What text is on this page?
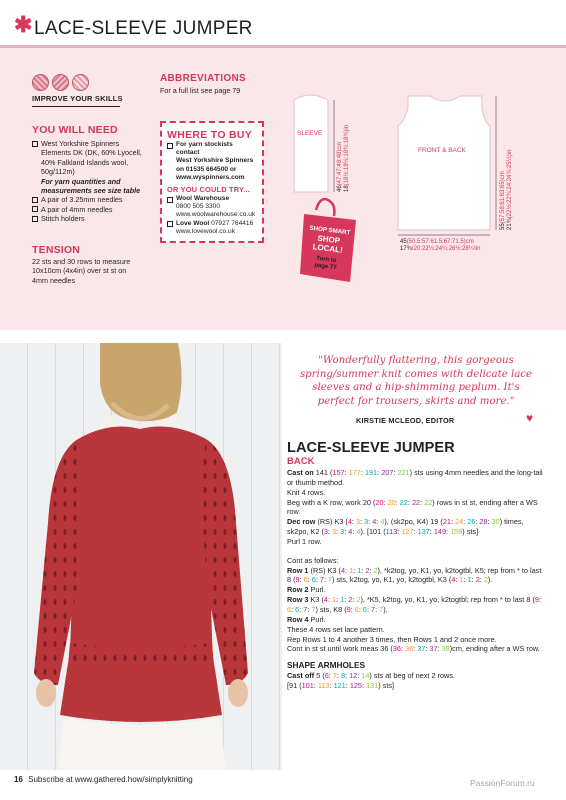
✱ LACE-SLEEVE JUMPER
IMPROVE YOUR SKILLS
YOU WILL NEED
West Yorkshire Spinners
Elements DK (DK, 60% Lyocell,
40% Falkland Islands wool,
50g/112m)
For yarn quantities and
measurements see size table
A pair of 3.25mm needles
A pair of 4mm needles
Stitch holders
TENSION
22 sts and 30 rows to measure
10x10cm (4x4in) over st st on
4mm needles
ABBREVIATIONS
For a full list see page 79
WHERE TO BUY
For yarn stockists contact
West Yorkshire Spinners
on 01535 664500 or
www.wyspinners.com
OR YOU COULD TRY...
Wool Warehouse
0800 505 3300
www.woolwarehouse.co.uk
Love Wool
07927 764416
www.lovewool.co.uk
SLEEVE
46(47:47:48:48)cm
18(18½:18½:18¾:18¾)in	FRONT & BACK
55(57:58:61:63:65)cm
21¾(22½:22¾:24:24¾:25½)in
45(50.5:57:61.5:67:71.5)cm
17¾(20:22½:24¼:26½:28¼)in
SHOP SMART
SHOP
LOCAL!
Turn to
page 77
"Wonderfully flattering, this gorgeous spring/summer knit comes with delicate lace sleeves and a hip-shimming peplum. It's perfect for trousers, skirts and more."
KIRSTIE MCLEOD, EDITOR	♥
LACE-SLEEVE JUMPER
BACK

Cast on 141 (157: 177: 191: 207: 221) sts using 4mm needles and the long-tail or thumb method.

Knit 4 rows.

Beg with a K row, work 20 (20: 20: 22: 22: 22) rows in st st, ending after a WS row.

Dec row (RS) K3 (4: 3: 3: 4: 4), (sk2po, K4) 19 (21: 24: 26: 28: 30) times, sk2po, K2 (3: 3: 3: 4: 4). [101 (113: 127: 137: 149: 159) sts]

Purl 1 row.

Cont as follows:

Row 1 (RS) K3 (4: 1: 1: 2: 2), *k2tog, yo, K1, yo, k2togtbl, K5; rep from * to last 8 (9: 6: 6: 7: 7) sts, k2tog, yo, K1, yo, k2togtbl, K3 (4: 1: 1: 2: 2).

Row 2 Purl.

Row 3 K3 (4: 1: 1: 2: 2), *K5, k2tog, yo, K1, yo, k2togtbl; rep from * to last 8 (9: 6: 6: 7: 7) sts, K8 (9: 6: 6: 7: 7).

Row 4 Purl.

These 4 rows set lace pattern.

Rep Rows 1 to 4 another 3 times, then Rows 1 and 2 once more.

Cont in st st until work meas 36 (36: 36: 37: 37: 38)cm, ending after a WS row.

SHAPE ARMHOLES

Cast off 5 (6: 7: 8: 12: 14) sts at beg of next 2 rows.

[91 (101: 113: 121: 125: 131) sts]

16 Subscribe at www.gathered.how/simplyknitting	PassionForum.ru
